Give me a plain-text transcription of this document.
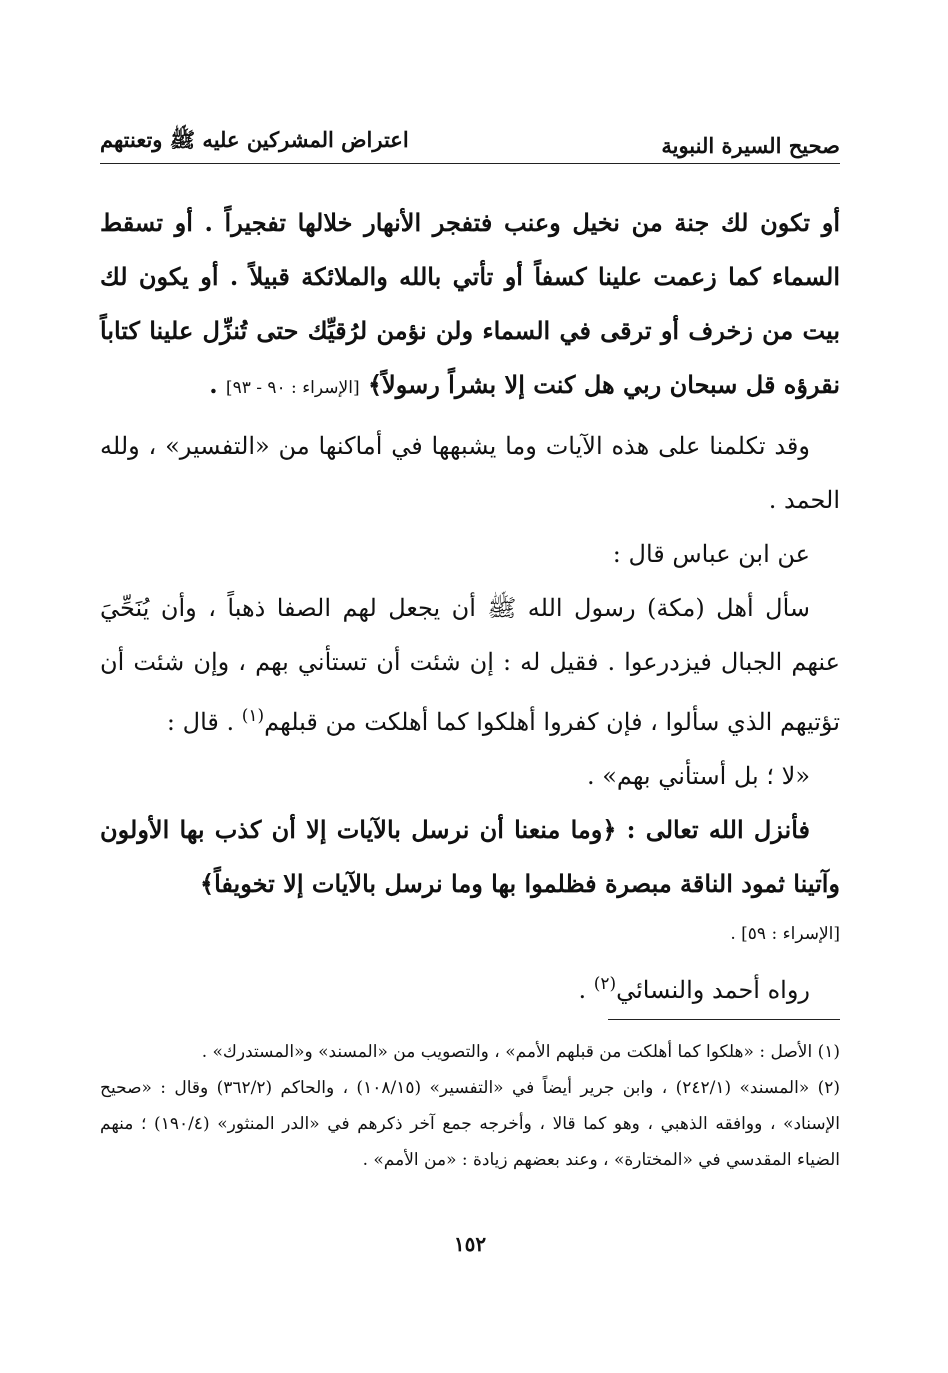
صحيح السيرة النبوية
اعتراض المشركين عليه ﷺ وتعنتهم

أو تكون لك جنة من نخيل وعنب فتفجر الأنهار خلالها تفجيراً . أو تسقط السماء كما زعمت علينا كسفاً أو تأتي بالله والملائكة قبيلاً . أو يكون لك بيت من زخرف أو ترقى في السماء ولن نؤمن لرُقيِّك حتى تُنزِّل علينا كتاباً نقرؤه قل سبحان ربي هل كنت إلا بشراً رسولاً﴾ [الإسراء : ٩٠ - ٩٣] .

وقد تكلمنا على هذه الآيات وما يشبهها في أماكنها من «التفسير» ، ولله الحمد .

عن ابن عباس قال :

سأل أهل (مكة) رسول الله ﷺ أن يجعل لهم الصفا ذهباً ، وأن يُنَحِّيَ عنهم الجبال فيزدرعوا . فقيل له : إن شئت أن تستأني بهم ، وإن شئت أن تؤتيهم الذي سألوا ، فإن كفروا أهلكوا كما أهلكت من قبلهم$^{(١)}$ . قال :

«لا ؛ بل أستأني بهم» .

فأنزل الله تعالى : ﴿وما منعنا أن نرسل بالآيات إلا أن كذب بها الأولون وآتينا ثمود الناقة مبصرة فظلموا بها وما نرسل بالآيات إلا تخويفاً﴾

[الإسراء : ٥٩] .

رواه أحمد والنسائي$^{(٢)}$ .

(١) الأصل : «هلكوا كما أهلكت من قبلهم الأمم» ، والتصويب من «المسند» و«المستدرك» .

(٢) «المسند» (٢٤٢/١) ، وابن جرير أيضاً في «التفسير» (١٠٨/١٥) ، والحاكم (٣٦٢/٢) وقال : «صحيح الإسناد» ، ووافقه الذهبي ، وهو كما قالا ، وأخرجه جمع آخر ذكرهم في «الدر المنثور» (١٩٠/٤) ؛ منهم الضياء المقدسي في «المختارة» ، وعند بعضهم زيادة : «من الأمم» .

١٥٢
